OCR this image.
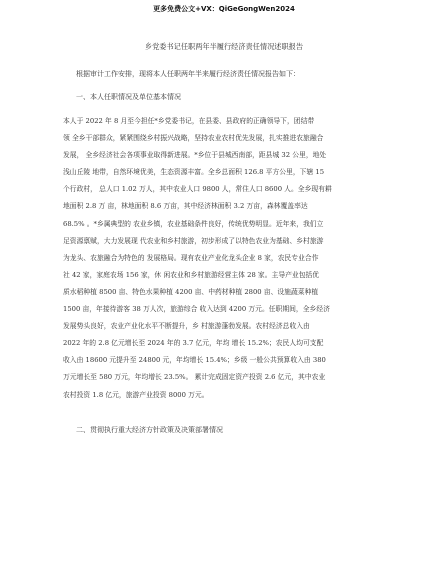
更多免费公文+VX：QiGeGongWen2024
乡党委书记任职两年半履行经济责任情况述职报告
根据审计工作安排，现将本人任职两年半来履行经济责任情况报告如下：
一、本人任职情况及单位基本情况
本人于 2022 年 8 月至今担任*乡党委书记，在县委、县政府的正确领导下，团结带
领 全乡干部群众，紧紧围绕乡村振兴战略，坚持农业农村优先发展，扎实推进农旅融合
发展， 全乡经济社会各项事业取得新进展。*乡位于县城西南部，距县城 32 公里，地处
浅山丘陵 地带，自然环境优美，生态资源丰富。全乡总面积 126.8 平方公里，下辖 15
个行政村， 总人口 1.02 万人，其中农业人口 9800 人，常住人口 8600 人。全乡现有耕
地面积 2.8 万 亩，林地面积 8.6 万亩，其中经济林面积 3.2 万亩，森林覆盖率达
68.5% 。*乡属典型的 农业乡镇，农业基础条件良好，传统优势明显。近年来，我们立
足资源禀赋，大力发展现 代农业和乡村旅游，初步形成了以特色农业为基础、乡村旅游
为龙头、农旅融合为特色的 发展格局。现有农业产业化龙头企业 8 家，农民专业合作
社 42 家，家庭农场 156 家，休 闲农业和乡村旅游经营主体 28 家。主导产业包括优
质水稻种植 8500 亩、特色水果种植 4200 亩、中药材种植 2800 亩、设施蔬菜种植
1500 亩，年接待游客 38 万人次，旅游综合 收入达到 4200 万元。任职期间，全乡经济
发展势头良好，农业产业化水平不断提升，乡 村旅游蓬勃发展。农村经济总收入由
2022 年的 2.8 亿元增长至 2024 年的 3.7 亿元，年均 增长 15.2%；农民人均可支配
收入由 18600 元提升至 24800 元，年均增长 15.4%；乡级 一般公共预算收入由 380
万元增长至 580 万元，年均增长 23.5%。 累计完成固定资产投资 2.6 亿元，其中农业
农村投资 1.8 亿元，旅游产业投资 8000 万元。
二、贯彻执行重大经济方针政策及决策部署情况
